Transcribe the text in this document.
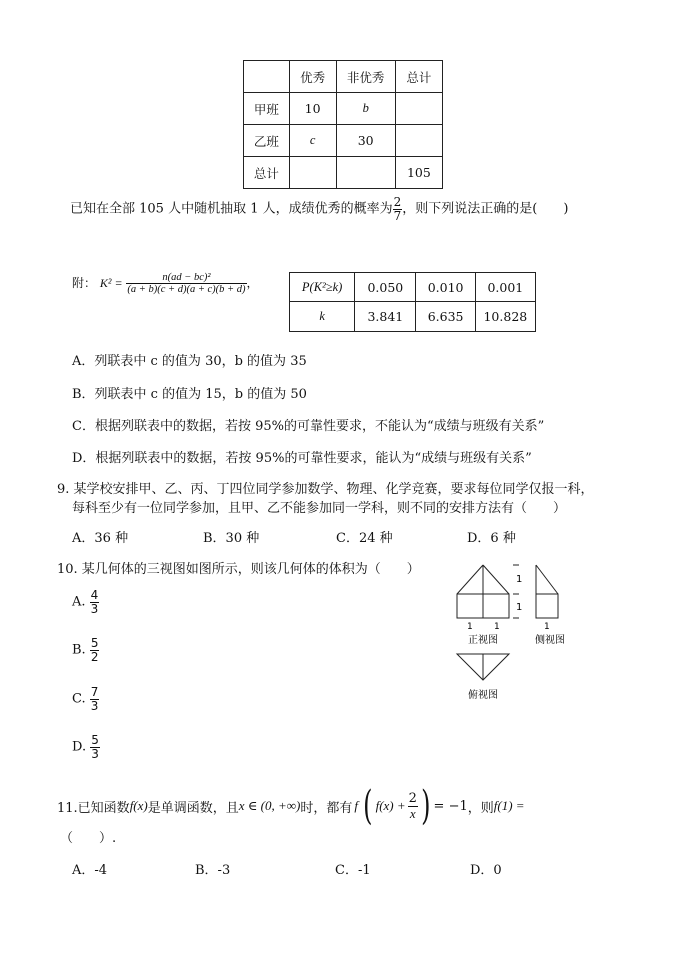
	优秀	非优秀	总计
甲班	10	b	
乙班	c	30	
总计			105
已知在全部 105 人中随机抽取 1 人，成绩优秀的概率为 $\frac{2}{7}$ ，则下列说法正确的是(　　)
附： $K^2 = \frac{\text{n(ad − bc)²}}{(a + b)(c + d)(a + c)(b + d)}$ ，	P(K²≥k)	0.050	0.010	0.001
k	3.841	6.635	10.828
A．列联表中 c 的值为 30，b 的值为 35
B．列联表中 c 的值为 15，b 的值为 50
C．根据列联表中的数据，若按 95%的可靠性要求，不能认为“成绩与班级有关系”
D．根据列联表中的数据，若按 95%的可靠性要求，能认为“成绩与班级有关系”
9. 某学校安排甲、乙、丙、丁四位同学参加数学、物理、化学竞赛，要求每位同学仅报一科，
每科至少有一位同学参加，且甲、乙不能参加同一学科，则不同的安排方法有（　　）
A．36 种	B．30 种	C．24 种	D．6 种
10. 某几何体的三视图如图所示，则该几何体的体积为（　　）
A. $\frac{4}{3}$
B. $\frac{5}{2}$
C. $\frac{7}{3}$
D. $\frac{5}{3}$
1
1
1 1	1
正视图	侧视图
俯视图
11.已知函数 f(x) 是单调函数，且 x ∈ (0, +∞) 时，都有 f ( $f(x) + \frac{2}{x}$ ) = −1 ，则 f(1) =
（　　）.
A．-4	B．-3	C．-1	D．0
